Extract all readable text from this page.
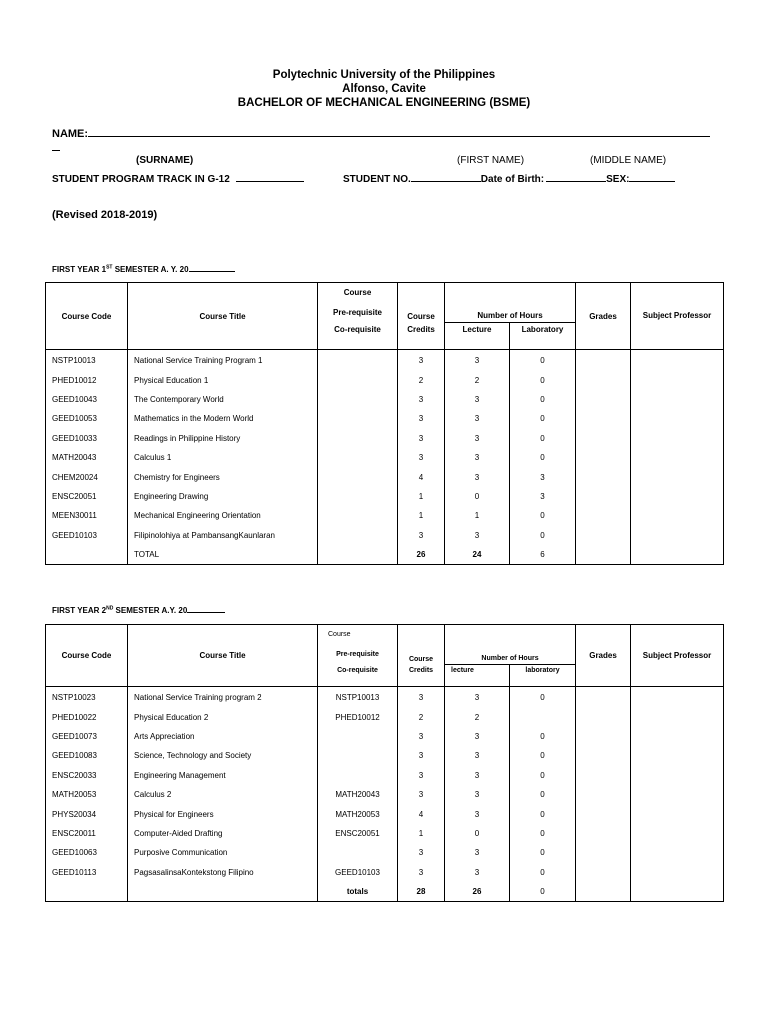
Polytechnic University of the Philippines
Alfonso, Cavite
BACHELOR OF MECHANICAL ENGINEERING (BSME)
NAME:
(SURNAME)	(FIRST NAME)	(MIDDLE NAME)
STUDENT PROGRAM TRACK IN G-12	STUDENT NO.	Date of Birth:	SEX:
(Revised 2018-2019)
FIRST YEAR 1ST SEMESTER A. Y. 20
Course Code	Course Title	Course	Course	Number of Hours		Grades	Subject Professor
		Pre-requisite					
		Co-requisite	Credits	Lecture	Laboratory		
NSTP10013	National Service Training Program 1		3	3	0		
PHED10012	Physical Education 1		2	2	0		
GEED10043	The Contemporary World		3	3	0		
GEED10053	Mathematics in the Modern World		3	3	0		
GEED10033	Readings in Philippine History		3	3	0		
MATH20043	Calculus 1		3	3	0		
CHEM20024	Chemistry for Engineers		4	3	3		
ENSC20051	Engineering Drawing		1	0	3		
MEEN30011	Mechanical Engineering Orientation		1	1	0		
GEED10103	Filipinolohiya at PambansangKaunlaran		3	3	0		
	TOTAL		26	24	6		
FIRST YEAR 2ND SEMESTER A.Y. 20
Course Code	Course Title	Course	Course	Number of Hours		Grades	Subject Professor
		Pre-requisite					
		Co-requisite	Credits	lecture	laboratory		
NSTP10023	National Service Training program 2	NSTP10013	3	3	0		
PHED10022	Physical Education 2	PHED10012	2	2			
GEED10073	Arts Appreciation		3	3	0		
GEED10083	Science, Technology and Society		3	3	0		
ENSC20033	Engineering Management		3	3	0		
MATH20053	Calculus 2	MATH20043	3	3	0		
PHYS20034	Physical for Engineers	MATH20053	4	3	0		
ENSC20011	Computer-Aided Drafting	ENSC20051	1	0	0		
GEED10063	Purposive Communication		3	3	0		
GEED10113	PagsasalinsaKontekstong Filipino	GEED10103	3	3	0		
		totals	28	26	0		
